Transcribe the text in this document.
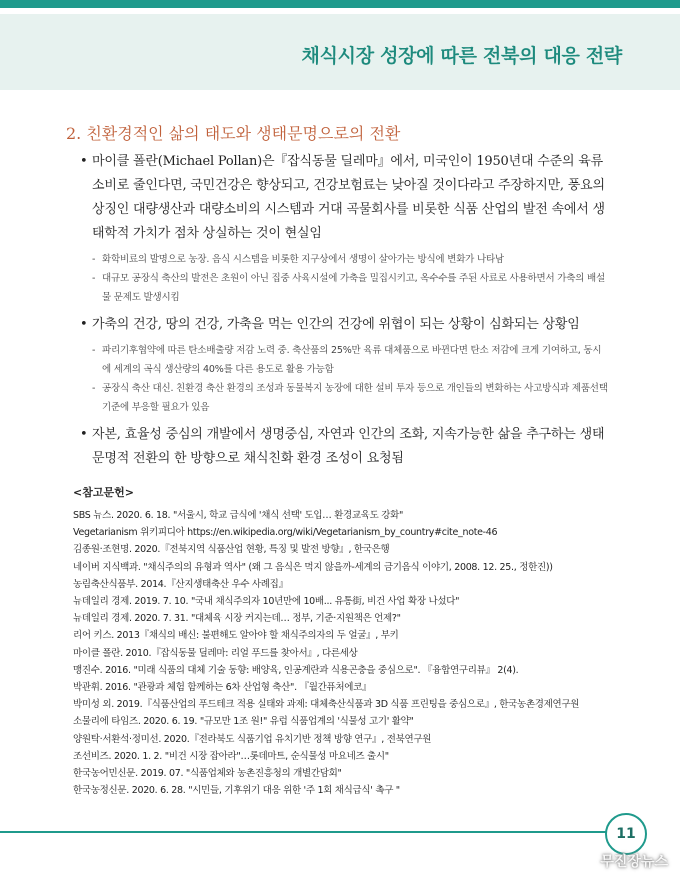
채식시장 성장에 따른 전북의 대응 전략
2. 친환경적인 삶의 태도와 생태문명으로의 전환
• 마이클 폴란(Michael Pollan)은『잡식동물 딜레마』에서, 미국인이 1950년대 수준의 육류소비로 줄인다면, 국민건강은 향상되고, 건강보험료는 낮아질 것이다라고 주장하지만, 풍요의 상징인 대량생산과 대량소비의 시스템과 거대 곡물회사를 비롯한 식품 산업의 발전 속에서 생태학적 가치가 점차 상실하는 것이 현실임
- 화학비료의 발명으로 농장. 음식 시스템을 비롯한 지구상에서 생명이 살아가는 방식에 변화가 나타남
- 대규모 공장식 축산의 발전은 초원이 아닌 집중 사육시설에 가축을 밀집시키고, 옥수수를 주된 사료로 사용하면서 가축의 배설물 문제도 발생시킴
• 가축의 건강, 땅의 건강, 가축을 먹는 인간의 건강에 위협이 되는 상황이 심화되는 상황임
- 파리기후협약에 따른 탄소배출량 저감 노력 중. 축산품의 25%만 육류 대체품으로 바뀐다면 탄소 저감에 크게 기여하고, 동시에 세계의 곡식 생산량의 40%를 다른 용도로 활용 가능함
- 공장식 축산 대신. 친환경 축산 환경의 조성과 동물복지 농장에 대한 설비 투자 등으로 개인들의 변화하는 사고방식과 제품선택 기준에 부응할 필요가 있음
• 자본, 효율성 중심의 개발에서 생명중심, 자연과 인간의 조화, 지속가능한 삶을 추구하는 생태문명적 전환의 한 방향으로 채식친화 환경 조성이 요청됨
<참고문헌>
SBS 뉴스. 2020. 6. 18. "서울시, 학교 급식에 '채식 선택' 도입… 환경교육도 강화"
Vegetarianism 위키피디아 https://en.wikipedia.org/wiki/Vegetarianism_by_country#cite_note-46
김종원·조현명. 2020.『전북지역 식품산업 현황, 특징 및 발전 방향』, 한국은행
네이버 지식백과. "채식주의의 유형과 역사" (왜 그 음식은 먹지 않을까-세계의 금기음식 이야기, 2008. 12. 25., 정한진))
농림축산식품부. 2014.『산지생태축산 우수 사례집』
뉴데일리 경제. 2019. 7. 10. "국내 채식주의자 10년만에 10배... 유통街, 비건 사업 확장 나섰다"
뉴데일리 경제. 2020. 7. 31. "대체육 시장 커지는데… 정부, 기준·지원책은 언제?"
리어 키스. 2013『채식의 배신: 불편해도 알아야 할 채식주의자의 두 얼굴』, 부키
마이클 폴란. 2010.『잡식동물 딜레마: 리얼 푸드를 찾아서』, 다른세상
맹진수. 2016. "미래 식품의 대체 기술 동향: 배양육, 인공계란과 식용곤충을 중심으로". 『융합연구리뷰』 2(4).
박관휘. 2016. "관광과 체험 함께하는 6차 산업형 축산". 『월간퓨처에코』
박미성 외. 2019.『식품산업의 푸드테크 적용 실태와 과제: 대체축산식품과 3D 식품 프린팅을 중심으로』, 한국농촌경제연구원
소물리에 타임즈. 2020. 6. 19. "규모만 1조 원!" 유럽 식품업계의 '식물성 고기' 활약"
양원탁·서환석·정미선. 2020.『전라북도 식품기업 유치기반 정책 방향 연구』, 전북연구원
조선비즈. 2020. 1. 2. "비건 시장 잡아라"…롯데마트, 순식물성 마요네즈 출시"
한국농어민신문. 2019. 07. "식품업체와 농촌진흥청의 개별간담회"
한국농정신문. 2020. 6. 28. "시민들, 기후위기 대응 위한 '주 1회 채식급식' 촉구 "
11
무진장뉴스
